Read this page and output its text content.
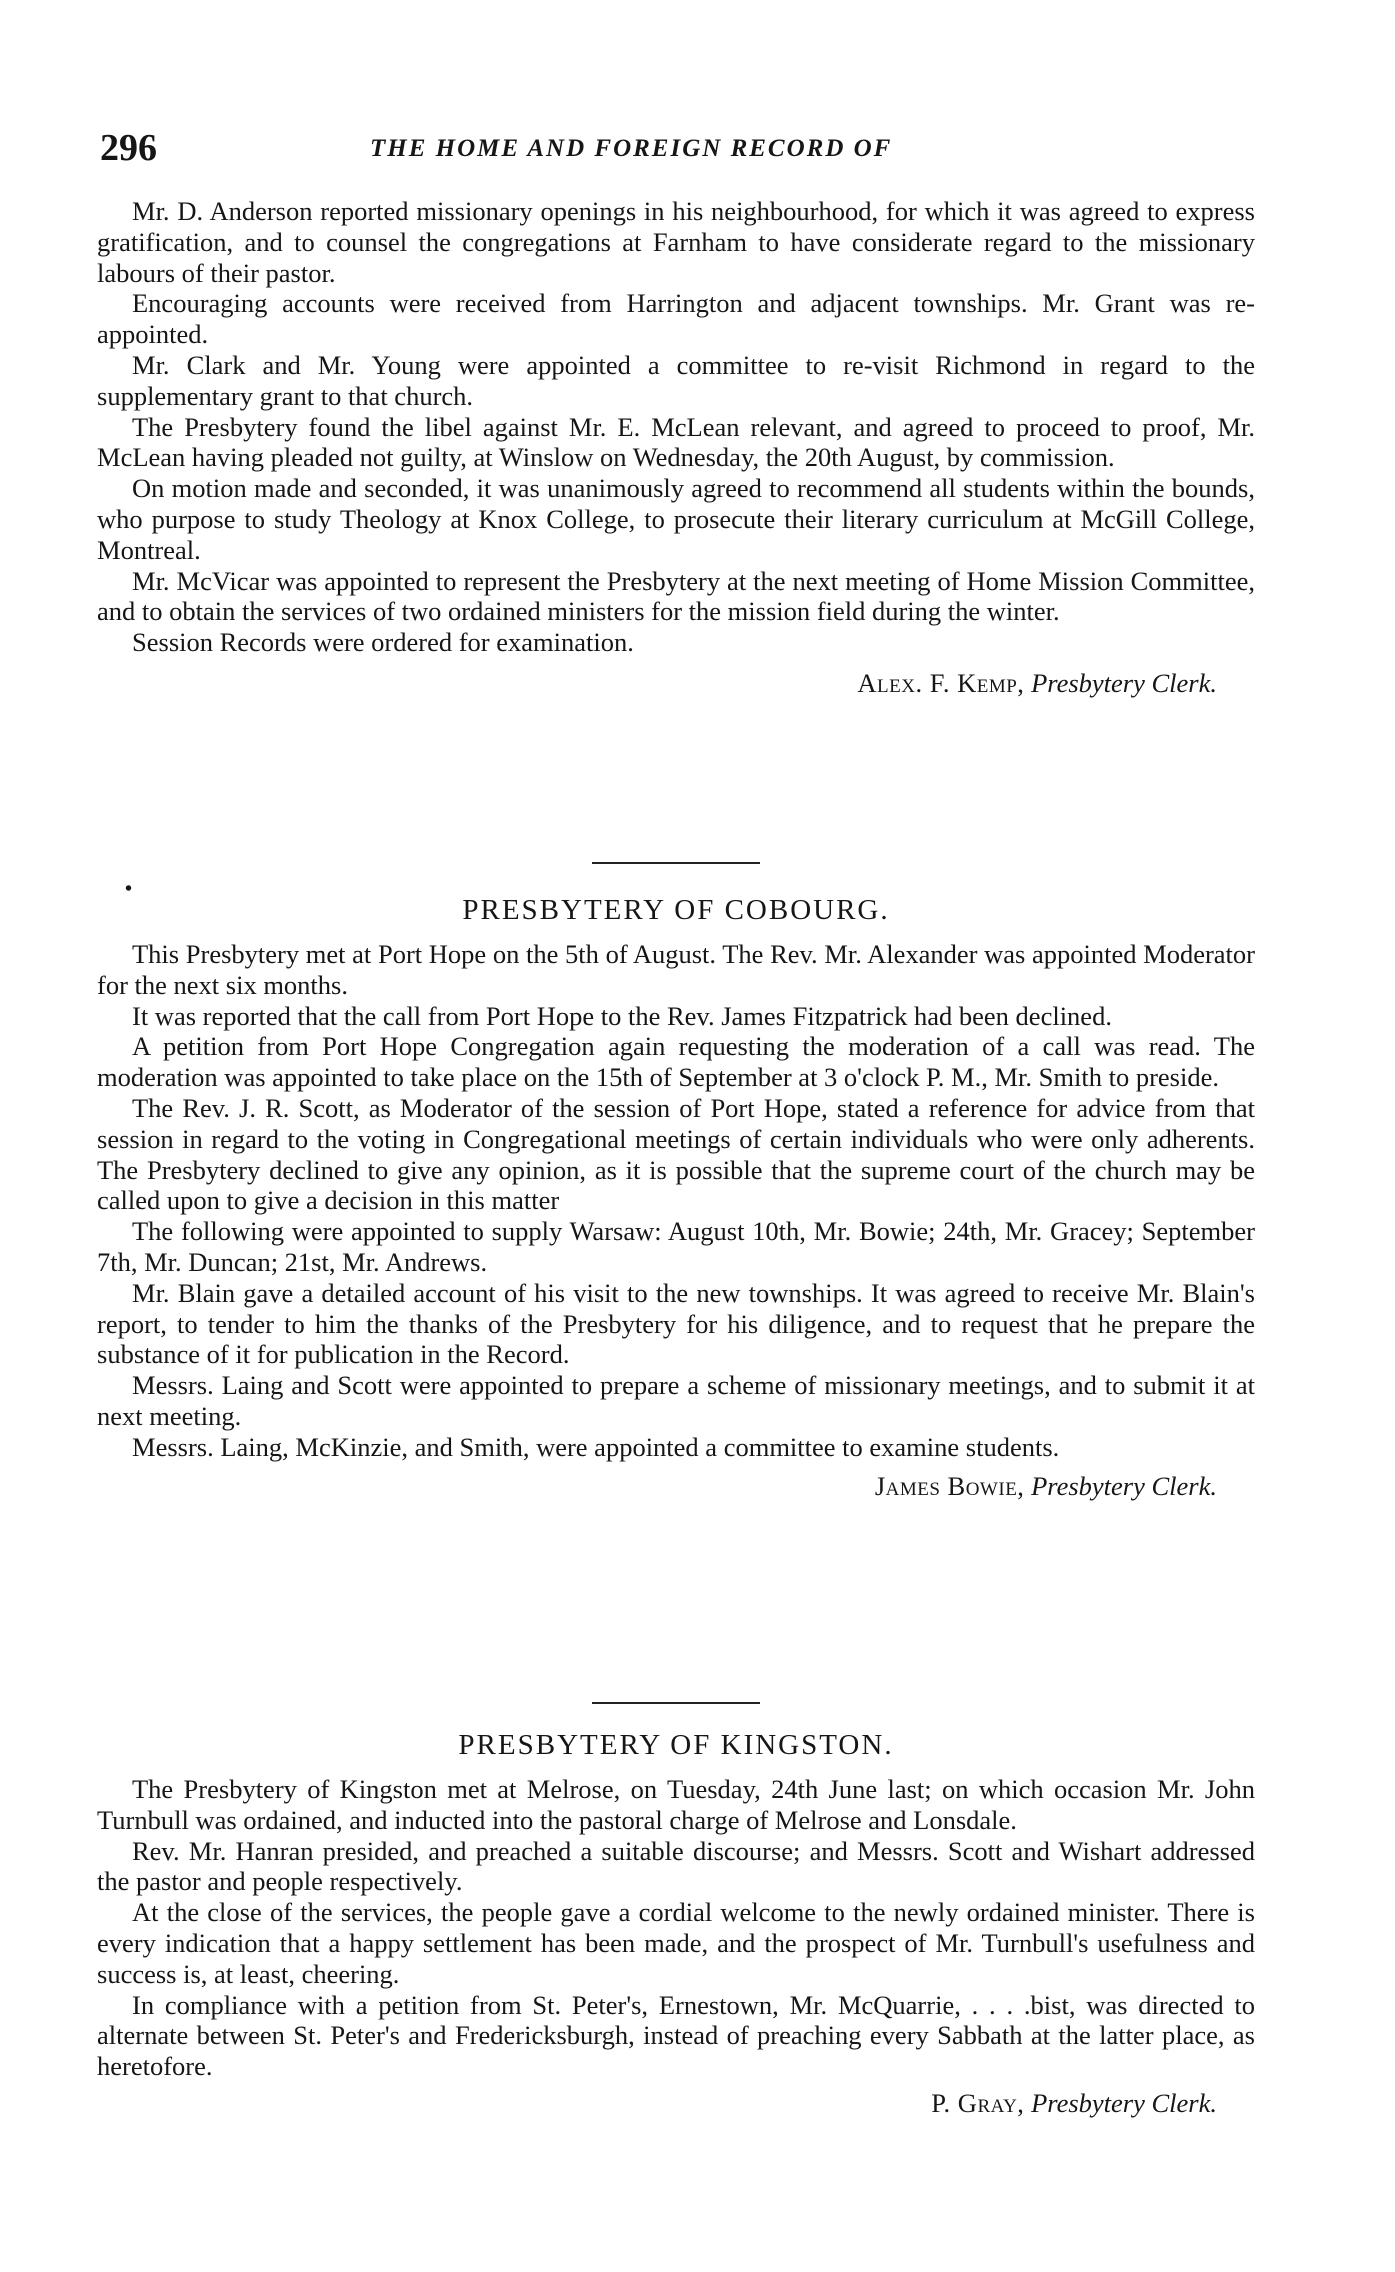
296	THE HOME AND FOREIGN RECORD OF

Mr. D. Anderson reported missionary openings in his neighbourhood, for which it was agreed to express gratification, and to counsel the congregations at Farnham to have considerate regard to the missionary labours of their pastor.

Encouraging accounts were received from Harrington and adjacent townships. Mr. Grant was re-appointed.

Mr. Clark and Mr. Young were appointed a committee to re-visit Richmond in regard to the supplementary grant to that church.

The Presbytery found the libel against Mr. E. McLean relevant, and agreed to proceed to proof, Mr. McLean having pleaded not guilty, at Winslow on Wednesday, the 20th August, by commission.

On motion made and seconded, it was unanimously agreed to recommend all students within the bounds, who purpose to study Theology at Knox College, to prosecute their literary curriculum at McGill College, Montreal.

Mr. McVicar was appointed to represent the Presbytery at the next meeting of Home Mission Committee, and to obtain the services of two ordained ministers for the mission field during the winter.

Session Records were ordered for examination.

Alex. F. Kemp, Presbytery Clerk.

•
PRESBYTERY OF COBOURG.

This Presbytery met at Port Hope on the 5th of August. The Rev. Mr. Alexander was appointed Moderator for the next six months.

It was reported that the call from Port Hope to the Rev. James Fitzpatrick had been declined.

A petition from Port Hope Congregation again requesting the moderation of a call was read. The moderation was appointed to take place on the 15th of September at 3 o'clock P. M., Mr. Smith to preside.

The Rev. J. R. Scott, as Moderator of the session of Port Hope, stated a reference for advice from that session in regard to the voting in Congregational meetings of certain individuals who were only adherents. The Presbytery declined to give any opinion, as it is possible that the supreme court of the church may be called upon to give a decision in this matter

The following were appointed to supply Warsaw: August 10th, Mr. Bowie; 24th, Mr. Gracey; September 7th, Mr. Duncan; 21st, Mr. Andrews.

Mr. Blain gave a detailed account of his visit to the new townships. It was agreed to receive Mr. Blain's report, to tender to him the thanks of the Presbytery for his diligence, and to request that he prepare the substance of it for publication in the Record.

Messrs. Laing and Scott were appointed to prepare a scheme of missionary meetings, and to submit it at next meeting.

Messrs. Laing, McKinzie, and Smith, were appointed a committee to examine students.

James Bowie, Presbytery Clerk.

PRESBYTERY OF KINGSTON.

The Presbytery of Kingston met at Melrose, on Tuesday, 24th June last; on which occasion Mr. John Turnbull was ordained, and inducted into the pastoral charge of Melrose and Lonsdale.

Rev. Mr. Hanran presided, and preached a suitable discourse; and Messrs. Scott and Wishart addressed the pastor and people respectively.

At the close of the services, the people gave a cordial welcome to the newly ordained minister. There is every indication that a happy settlement has been made, and the prospect of Mr. Turnbull's usefulness and success is, at least, cheering.

In compliance with a petition from St. Peter's, Ernestown, Mr. McQuarrie, . . . .bist, was directed to alternate between St. Peter's and Fredericksburgh, instead of preaching every Sabbath at the latter place, as heretofore.

P. Gray, Presbytery Clerk.
